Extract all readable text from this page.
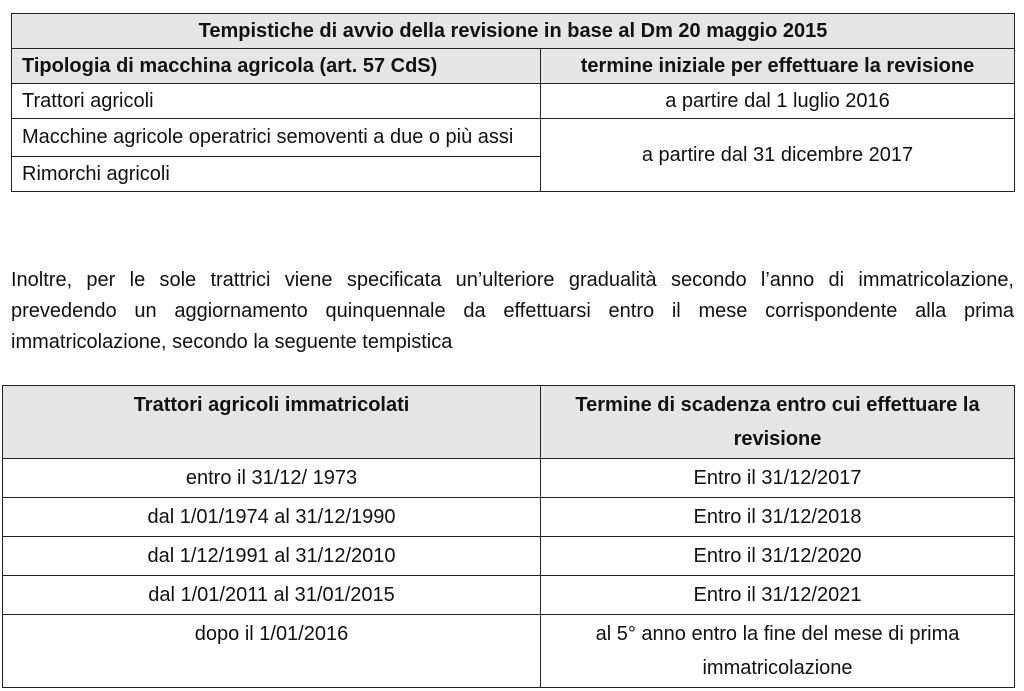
Tempistiche di avvio della revisione in base al Dm 20 maggio 2015	
Tipologia di macchina agricola (art. 57 CdS)	termine iniziale per effettuare la revisione
Trattori agricoli	a partire dal 1 luglio 2016
Macchine agricole operatrici semoventi a due o più assi	a partire dal 31 dicembre 2017
Rimorchi agricoli	

Inoltre, per le sole trattrici viene specificata un’ulteriore gradualità secondo l’anno di immatricolazione, prevedendo un aggiornamento quinquennale da effettuarsi entro il mese corrispondente alla prima immatricolazione, secondo la seguente tempistica

Trattori agricoli immatricolati	Termine di scadenza entro cui effettuare la revisione
entro il 31/12/ 1973	Entro il 31/12/2017
dal 1/01/1974 al 31/12/1990	Entro il 31/12/2018
dal 1/12/1991 al 31/12/2010	Entro il 31/12/2020
dal 1/01/2011 al 31/01/2015	Entro il 31/12/2021
dopo il 1/01/2016	al 5° anno entro la fine del mese di prima immatricolazione
